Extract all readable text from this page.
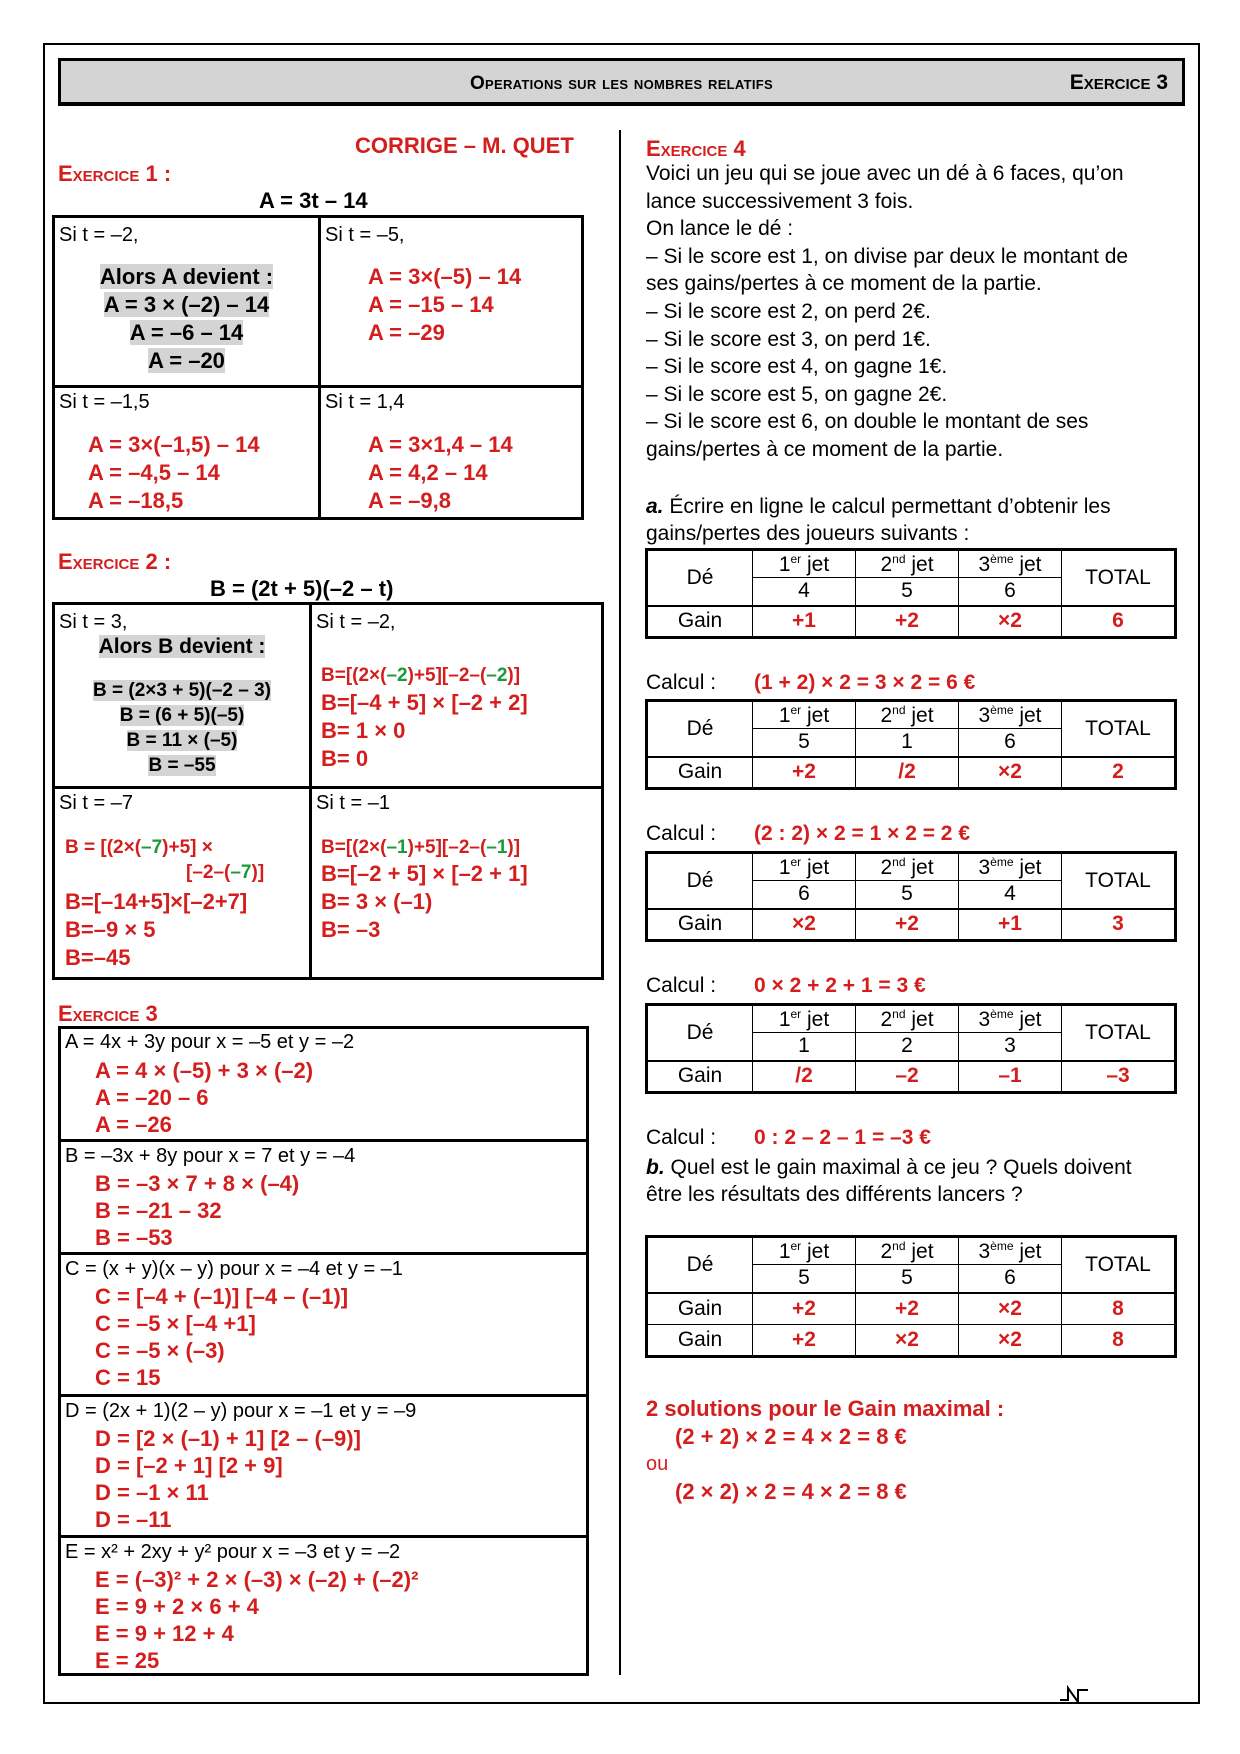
Operations sur les nombres relatifs	Exercice 3
CORRIGE – M. QUET
Exercice 1 :
A = 3t – 14
Si t = –2,
Alors A devient :
A = 3 × (–2) – 14
A = –6 – 14
A = –20
Si t = –5,
A = 3×(–5) – 14
A = –15 – 14
A = –29
Si t = –1,5
A = 3×(–1,5) – 14
A = –4,5 – 14
A = –18,5
Si t = 1,4
A = 3×1,4 – 14
A = 4,2 – 14
A = –9,8
Exercice 2 :
B = (2t + 5)(–2 – t)
Si t = 3,
Alors B devient :
B = (2×3 + 5)(–2 – 3)
B = (6 + 5)(–5)
B = 11 × (–5)
B = –55
Si t = –2,
B=[(2×(–2)+5][–2–(–2)]
B=[–4 + 5] × [–2 + 2]
B= 1 × 0
B= 0
Si t = –7
B = [(2×(–7)+5] ×
[–2–(–7)]
B=[–14+5]×[–2+7]
B=–9 × 5
B=–45
Si t = –1
B=[(2×(–1)+5][–2–(–1)]
B=[–2 + 5] × [–2 + 1]
B= 3 × (–1)
B= –3
Exercice 3
A = 4x + 3y pour x = –5 et y = –2
A = 4 × (–5) + 3 × (–2)
A = –20 – 6
A = –26
B = –3x + 8y pour x = 7 et y = –4
B = –3 × 7 + 8 × (–4)
B = –21 – 32
B = –53
C = (x + y)(x – y) pour x = –4 et y = –1
C = [–4 + (–1)] [–4 – (–1)]
C = –5 × [–4 +1]
C = –5 × (–3)
C = 15
D = (2x + 1)(2 – y) pour x = –1 et y = –9
D = [2 × (–1) + 1] [2 – (–9)]
D = [–2 + 1] [2 + 9]
D = –1 × 11
D = –11
E = x² + 2xy + y² pour x = –3 et y = –2
E = (–3)² + 2 × (–3) × (–2) + (–2)²
E = 9 + 2 × 6 + 4
E = 9 + 12 + 4
E = 25
Exercice 4
Voici un jeu qui se joue avec un dé à 6 faces, qu’on
lance successivement 3 fois.
On lance le dé :
– Si le score est 1, on divise par deux le montant de
ses gains/pertes à ce moment de la partie.
– Si le score est 2, on perd 2€.
– Si le score est 3, on perd 1€.
– Si le score est 4, on gagne 1€.
– Si le score est 5, on gagne 2€.
– Si le score est 6, on double le montant de ses
gains/pertes à ce moment de la partie.
a. Écrire en ligne le calcul permettant d’obtenir les
gains/pertes des joueurs suivants :
Dé	1er jet	2nd jet	3ème jet	TOTAL
	4	5	6	
Gain	+1	+2	×2	6
Calcul : (1 + 2) × 2 = 3 × 2 = 6 €
Dé	1er jet	2nd jet	3ème jet	TOTAL
	5	1	6	
Gain	+2	/2	×2	2
Calcul : (2 : 2) × 2 = 1 × 2 = 2 €
Dé	1er jet	2nd jet	3ème jet	TOTAL
	6	5	4	
Gain	×2	+2	+1	3
Calcul : 0 × 2 + 2 + 1 = 3 €
Dé	1er jet	2nd jet	3ème jet	TOTAL
	1	2	3	
Gain	/2	–2	–1	–3
Calcul : 0 : 2 – 2 – 1 = –3 €
b. Quel est le gain maximal à ce jeu ? Quels doivent
être les résultats des différents lancers ?
Dé	1er jet	2nd jet	3ème jet	TOTAL
	5	5	6	
Gain	+2	+2	×2	8
Gain	+2	×2	×2	8
2 solutions pour le Gain maximal :
(2 + 2) × 2 = 4 × 2 = 8 €
ou
(2 × 2) × 2 = 4 × 2 = 8 €
